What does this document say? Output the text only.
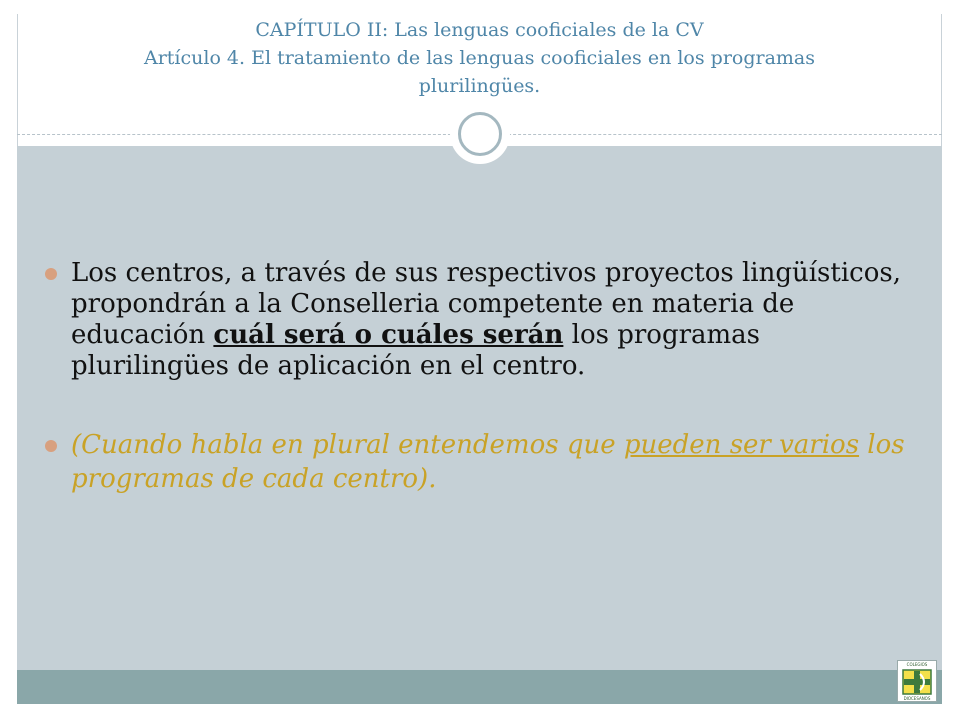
CAPÍTULO II: Las lenguas cooficiales de la CV

Artículo 4. El tratamiento de las lenguas cooficiales en los programas

plurilingües.

Los centros, a través de sus respectivos proyectos lingüísticos, propondrán a la Conselleria competente en materia de educación cuál será o cuáles serán los programas plurilingües de aplicación en el centro.
(Cuando habla en plural entendemos que pueden ser varios los programas de cada centro).
COLEGIOS
DIOCESANOS
